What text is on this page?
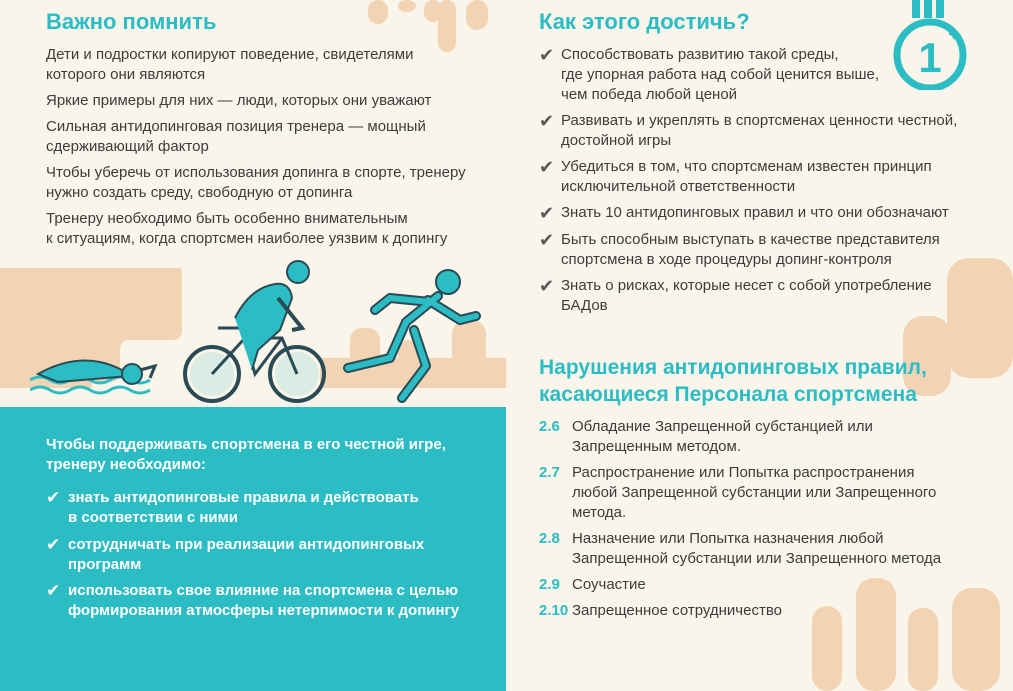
1
Важно помнить
Дети и подростки копируют поведение, свидетелями
которого они являются
Яркие примеры для них — люди, которых они уважают
Сильная антидопинговая позиция тренера — мощный
сдерживающий фактор
Чтобы уберечь от использования допинга в спорте, тренеру
нужно создать среду, свободную от допинга
Тренеру необходимо быть особенно внимательным
к ситуациям, когда спортсмен наиболее уязвим к допингу
Чтобы поддерживать спортсмена в его честной игре,
тренеру необходимо:
✔ знать антидопинговые правила и действовать
в соответствии с ними
✔ сотрудничать при реализации антидопинговых
программ
✔ использовать свое влияние на спортсмена с целью
формирования атмосферы нетерпимости к допингу
Как этого достичь?
✔ Способствовать развитию такой среды,
где упорная работа над собой ценится выше,
чем победа любой ценой
✔ Развивать и укреплять в спортсменах ценности честной,
достойной игры
✔ Убедиться в том, что спортсменам известен принцип
исключительной ответственности
✔ Знать 10 антидопинговых правил и что они обозначают
✔ Быть способным выступать в качестве представителя
спортсмена в ходе процедуры допинг-контроля
✔ Знать о рисках, которые несет с собой употребление
БАДов
Нарушения антидопинговых правил,
касающиеся Персонала спортсмена
2.6 Обладание Запрещенной субстанцией или
Запрещенным методом.
2.7 Распространение или Попытка распространения
любой Запрещенной субстанции или Запрещенного
метода.
2.8 Назначение или Попытка назначения любой
Запрещенной субстанции или Запрещенного метода
2.9 Соучастие
2.10 Запрещенное сотрудничество
